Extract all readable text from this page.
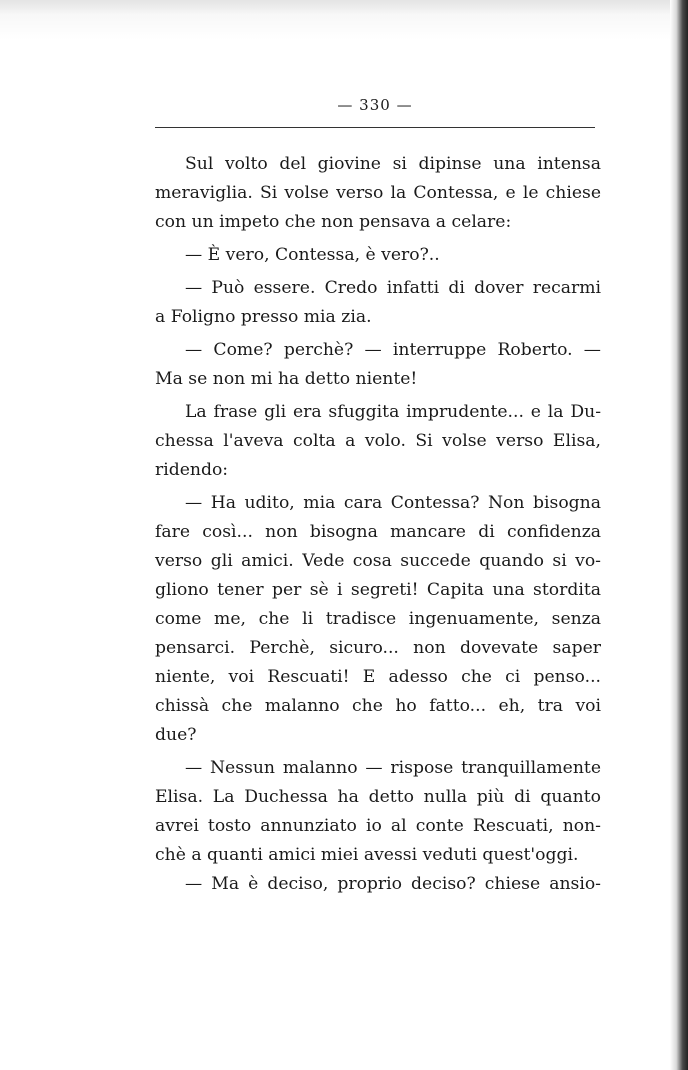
— 330 —
Sul volto del giovine si dipinse una intensa
meraviglia. Si volse verso la Contessa, e le chiese
con un impeto che non pensava a celare:
— È vero, Contessa, è vero?..
— Può essere. Credo infatti di dover recarmi
a Foligno presso mia zia.
— Come? perchè? — interruppe Roberto. —
Ma se non mi ha detto niente!
La frase gli era sfuggita imprudente... e la Du-
chessa l'aveva colta a volo. Si volse verso Elisa,
ridendo:
— Ha udito, mia cara Contessa? Non bisogna
fare così... non bisogna mancare di confidenza
verso gli amici. Vede cosa succede quando si vo-
gliono tener per sè i segreti! Capita una stordita
come me, che li tradisce ingenuamente, senza
pensarci. Perchè, sicuro... non dovevate saper
niente, voi Rescuati! E adesso che ci penso...
chissà che malanno che ho fatto... eh, tra voi
due?
— Nessun malanno — rispose tranquillamente
Elisa. La Duchessa ha detto nulla più di quanto
avrei tosto annunziato io al conte Rescuati, non-
chè a quanti amici miei avessi veduti quest'oggi.
— Ma è deciso, proprio deciso? chiese ansio-
